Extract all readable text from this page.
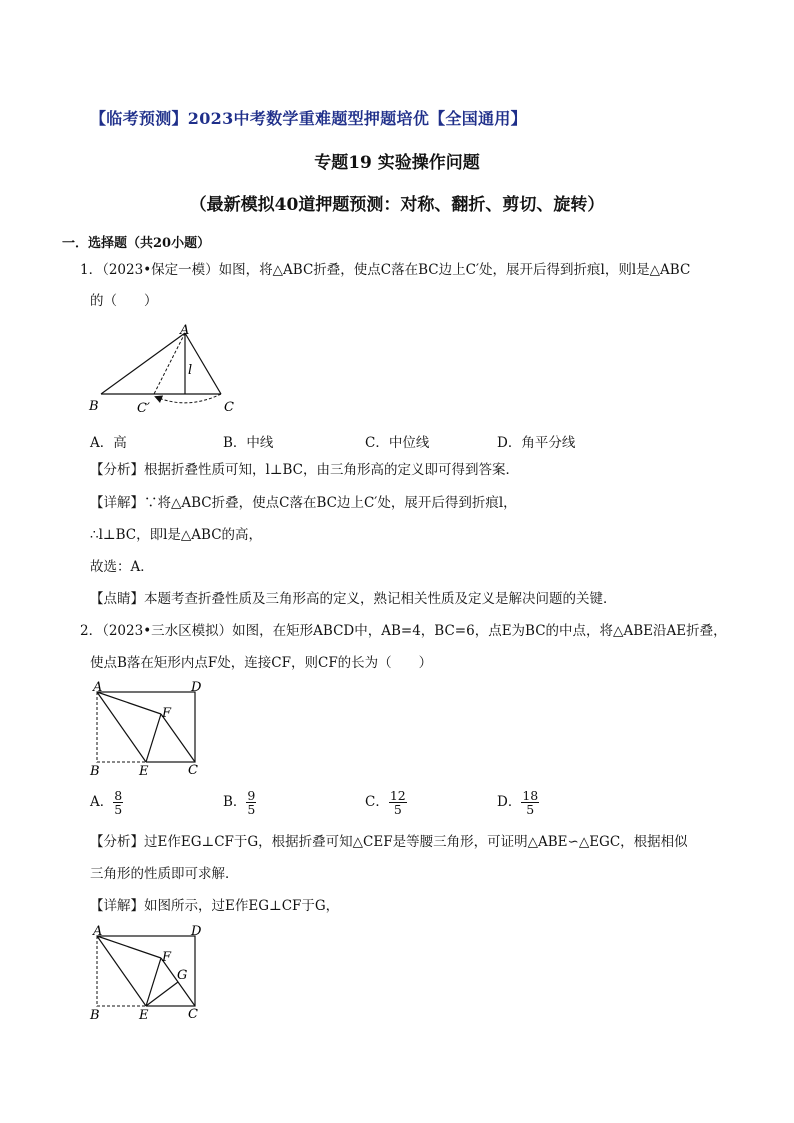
【临考预测】2023中考数学重难题型押题培优【全国通用】
专题19 实验操作问题
（最新模拟40道押题预测：对称、翻折、剪切、旋转）
一．选择题（共20小题）
1．（2023•保定一模）如图，将△ABC折叠，使点C落在BC边上C′处，展开后得到折痕l，则l是△ABC
的（　　）
A
B	C
C′
l
A．高	B．中线	C．中位线	D．角平分线
【分析】根据折叠性质可知，l⊥BC，由三角形高的定义即可得到答案．
【详解】∵将△ABC折叠，使点C落在BC边上C′处，展开后得到折痕l，
∴l⊥BC，即l是△ABC的高，
故选：A．
【点睛】本题考查折叠性质及三角形高的定义，熟记相关性质及定义是解决问题的关键．
2．（2023•三水区模拟）如图，在矩形ABCD中，AB=4，BC=6，点E为BC的中点，将△ABE沿AE折叠，
使点B落在矩形内点F处，连接CF，则CF的长为（　　）
A	D
F
B	E	C
A． $\frac{8}{5}$	B． $\frac{9}{5}$	C． $\frac{12}{5}$	D． $\frac{18}{5}$
【分析】过E作EG⊥CF于G，根据折叠可知△CEF是等腰三角形，可证明△ABE∽△EGC，根据相似
三角形的性质即可求解．
【详解】如图所示，过E作EG⊥CF于G，
A	D
F
G
B	E	C
